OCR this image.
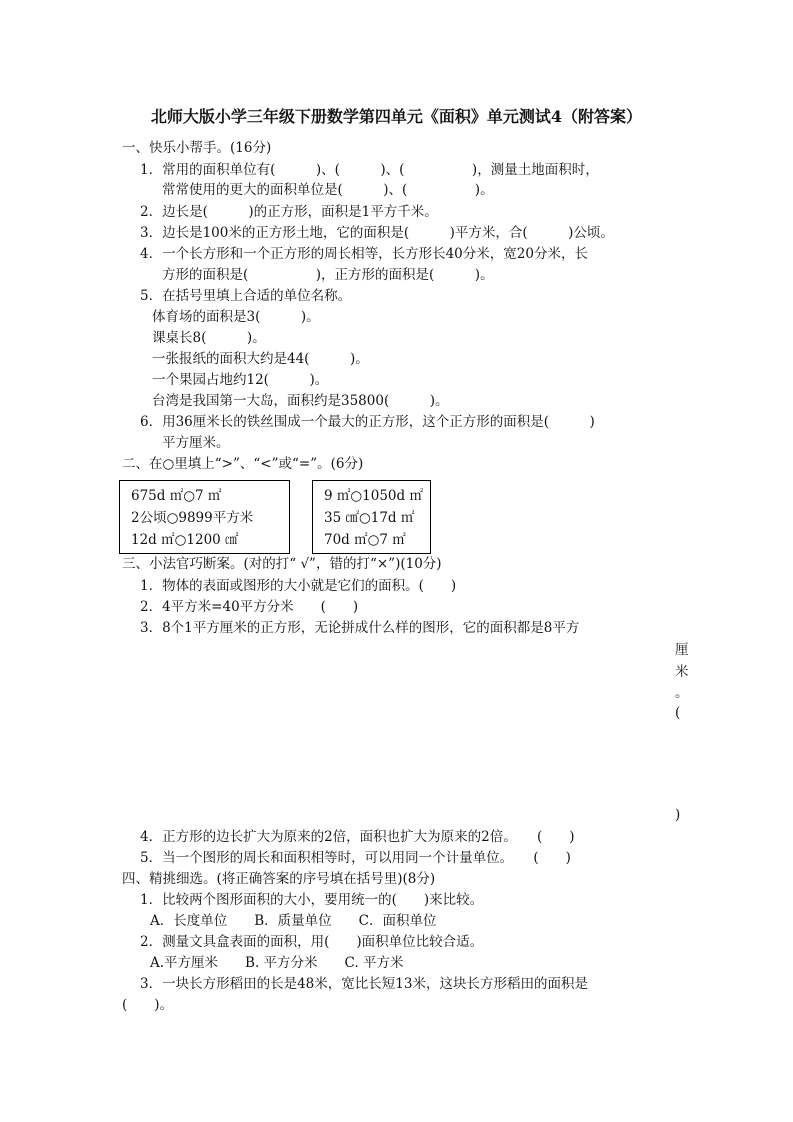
北师大版小学三年级下册数学第四单元《面积》单元测试4（附答案）
一、快乐小帮手。(16分)
1．常用的面积单位有(　　　)、(　　　)、(　　　　　)，测量土地面积时，
常常使用的更大的面积单位是(　　　)、(　　　　　)。
2．边长是(　　　)的正方形，面积是1平方千米。
3．边长是100米的正方形土地，它的面积是(　　　)平方米，合(　　　)公顷。
4．一个长方形和一个正方形的周长相等，长方形长40分米，宽20分米，长
方形的面积是(　　　　　)，正方形的面积是(　　　)。
5．在括号里填上合适的单位名称。
体育场的面积是3(　　　)。
课桌长8(　　　)。
一张报纸的面积大约是44(　　　)。
一个果园占地约12(　　　)。
台湾是我国第一大岛，面积约是35800(　　　)。
6．用36厘米长的铁丝围成一个最大的正方形，这个正方形的面积是(　　　)
平方厘米。
二、在○里填上“>”、“<”或“=”。(6分)
675d ㎡○7 ㎡
2公顷○9899平方米
12d ㎡○1200 ㎠
9 ㎡○1050d ㎡
35 ㎠○17d ㎡
70d ㎡○7 ㎡
三、小法官巧断案。(对的打“ √”，错的打“×”)(10分)
1．物体的表面或图形的大小就是它们的面积。(　　)
2．4平方米=40平方分米　　(　　)
3．8个1平方厘米的正方形，无论拼成什么样的图形，它的面积都是8平方
厘
米
。
(
)
4．正方形的边长扩大为原来的2倍，面积也扩大为原来的2倍。　　(　　)
5．当一个图形的周长和面积相等时，可以用同一个计量单位。　　(　　)
四、精挑细选。(将正确答案的序号填在括号里)(8分)
1．比较两个图形面积的大小，要用统一的(　　)来比较。
A．长度单位　　B．质量单位　　C．面积单位
2．测量文具盒表面的面积，用(　　)面积单位比较合适。
A.平方厘米　　B. 平方分米　　C. 平方米
3．一块长方形稻田的长是48米，宽比长短13米，这块长方形稻田的面积是
(　　)。
